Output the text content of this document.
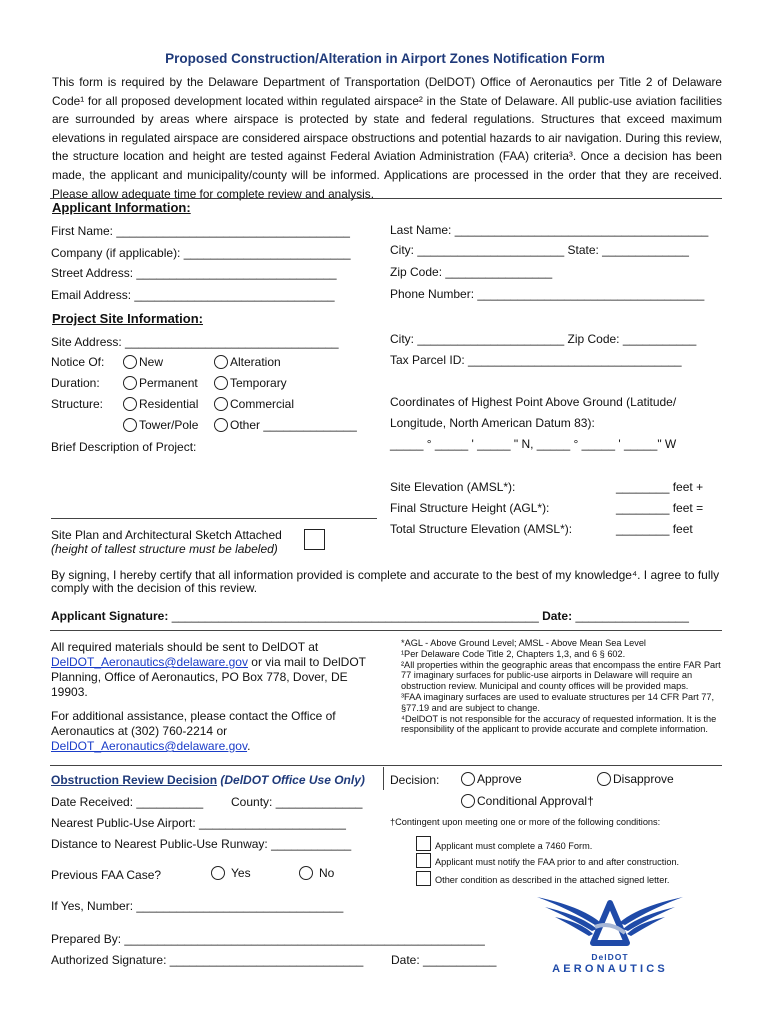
Proposed Construction/Alteration in Airport Zones Notification Form
This form is required by the Delaware Department of Transportation (DelDOT) Office of Aeronautics per Title 2 of Delaware Code¹ for all proposed development located within regulated airspace² in the State of Delaware. All public-use aviation facilities are surrounded by areas where airspace is protected by state and federal regulations. Structures that exceed maximum elevations in regulated airspace are considered airspace obstructions and potential hazards to air navigation. During this review, the structure location and height are tested against Federal Aviation Administration (FAA) criteria³. Once a decision has been made, the applicant and municipality/county will be informed. Applications are processed in the order that they are received. Please allow adequate time for complete review and analysis.
Applicant Information:
First Name: ___________________________________	Last Name: ______________________________________
Company (if applicable): _________________________	City: ______________________ State: _____________
Street Address: ______________________________	Zip Code: ________________
Email Address: ______________________________	Phone Number: __________________________________
Project Site Information:
Site Address: ________________________________	City: ______________________ Zip Code: ___________
Notice Of:	New	Alteration	Tax Parcel ID: ________________________________
Duration:	Permanent	Temporary
Structure:	Residential	Commercial	Coordinates of Highest Point Above Ground (Latitude/
Tower/Pole	Other ______________	Longitude, North American Datum 83):
_____ ° _____ ' _____ " N, _____ ° _____ ' _____" W
Brief Description of Project:
Site Elevation (AMSL*):	________ feet +
Final Structure Height (AGL*):	________ feet =
Total Structure Elevation (AMSL*):	________ feet
Site Plan and Architectural Sketch Attached
(height of tallest structure must be labeled)
By signing, I hereby certify that all information provided is complete and accurate to the best of my knowledge⁴. I agree to fully comply with the decision of this review.
Applicant Signature: _______________________________________________________ Date: _________________
All required materials should be sent to DelDOT at
DelDOT_Aeronautics@delaware.gov or via mail to DelDOT
Planning, Office of Aeronautics, PO Box 778, Dover, DE
19903.
For additional assistance, please contact the Office of
Aeronautics at (302) 760-2214 or
DelDOT_Aeronautics@delaware.gov.
*AGL - Above Ground Level; AMSL - Above Mean Sea Level
¹Per Delaware Code Title 2, Chapters 1,3, and 6 § 602.
²All properties within the geographic areas that encompass the entire FAR Part 77 imaginary surfaces for public-use airports in Delaware will require an obstruction review. Municipal and county offices will be provided maps.
³FAA imaginary surfaces are used to evaluate structures per 14 CFR Part 77, §77.19 and are subject to change.
⁴DelDOT is not responsible for the accuracy of requested information. It is the responsibility of the applicant to provide accurate and complete information.
Obstruction Review Decision (DelDOT Office Use Only) Decision:	Approve	Disapprove
Date Received: __________ County: _____________	Conditional Approval†
Nearest Public-Use Airport: ______________________	†Contingent upon meeting one or more of the following conditions:
Distance to Nearest Public-Use Runway: ____________	Applicant must complete a 7460 Form.
Applicant must notify the FAA prior to and after construction.
Previous FAA Case?	Yes	No	Other condition as described in the attached signed letter.
If Yes, Number: _______________________________
Prepared By: ______________________________________________________
Authorized Signature: _____________________________ Date: ___________	DelDOT
AERONAUTICS
